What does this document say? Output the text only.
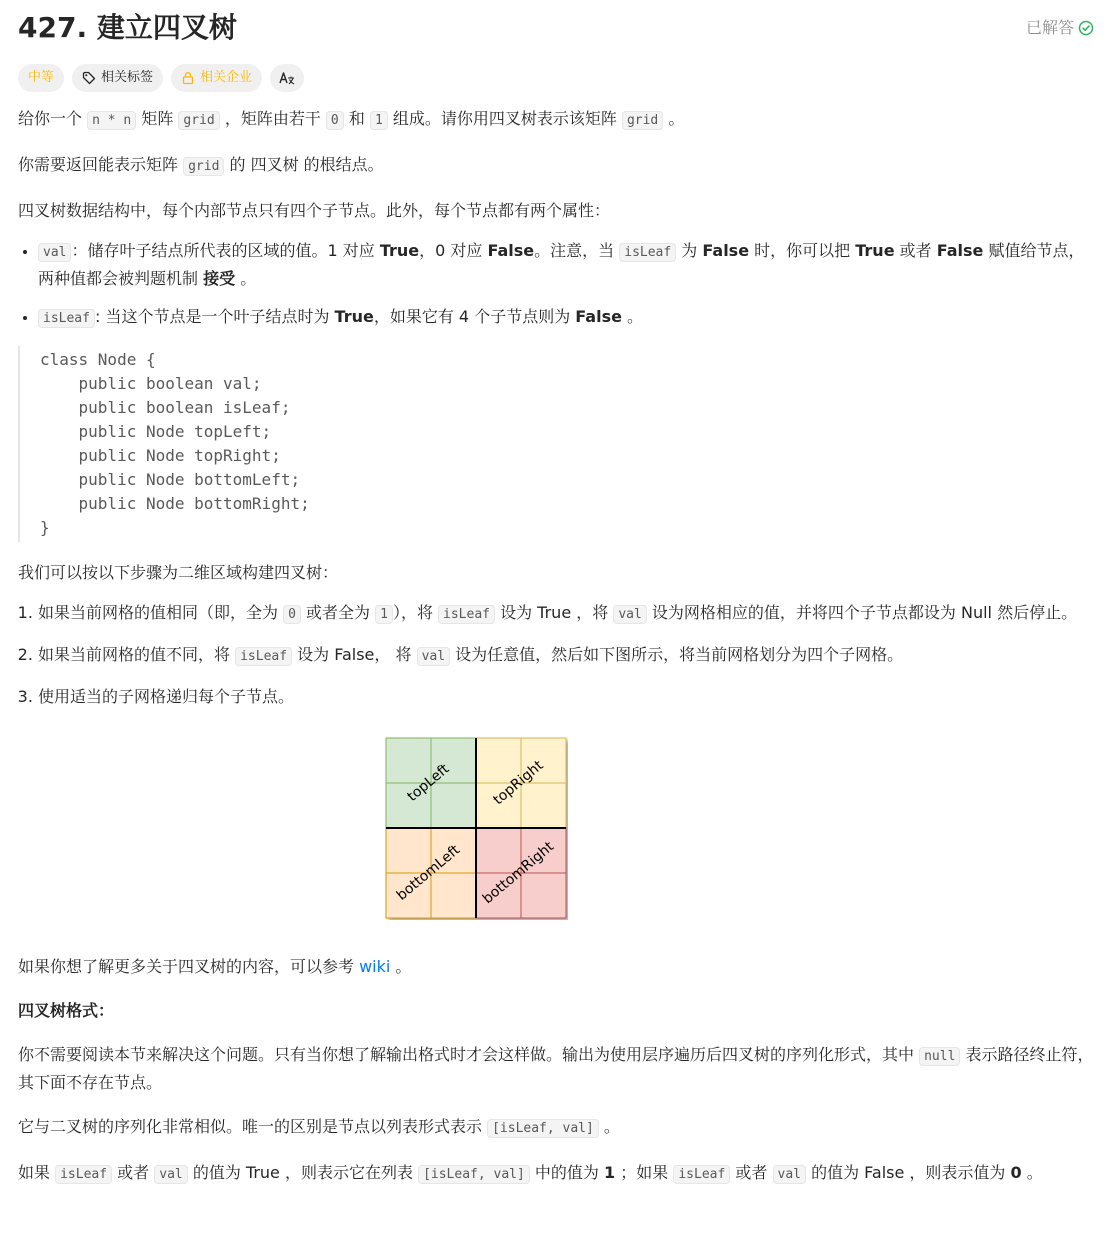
427. 建立四叉树	已解答
中等	相关标签	相关企业

给你一个 n * n 矩阵 grid ，矩阵由若干 0 和 1 组成。请你用四叉树表示该矩阵 grid 。

你需要返回能表示矩阵 grid 的 四叉树 的根结点。

四叉树数据结构中，每个内部节点只有四个子节点。此外，每个节点都有两个属性：

• val ：储存叶子结点所代表的区域的值。1 对应 True，0 对应 False。注意，当 isLeaf 为 False 时，你可以把 True 或者 False 赋值给节点，两种值都会被判题机制 接受 。
• isLeaf : 当这个节点是一个叶子结点时为 True，如果它有 4 个子节点则为 False 。
class Node {
public boolean val;
public boolean isLeaf;
public Node topLeft;
public Node topRight;
public Node bottomLeft;
public Node bottomRight;
}

我们可以按以下步骤为二维区域构建四叉树：

1. 如果当前网格的值相同（即，全为 0 或者全为 1 ），将 isLeaf 设为 True ，将 val 设为网格相应的值，并将四个子节点都设为 Null 然后停止。
2. 如果当前网格的值不同，将 isLeaf 设为 False， 将 val 设为任意值，然后如下图所示，将当前网格划分为四个子网格。
3. 使用适当的子网格递归每个子节点。
topLeft	topRight
bottomLeft bottomRight

如果你想了解更多关于四叉树的内容，可以参考 wiki 。

四叉树格式：

你不需要阅读本节来解决这个问题。只有当你想了解输出格式时才会这样做。输出为使用层序遍历后四叉树的序列化形式，其中 null 表示路径终止符，其下面不存在节点。

它与二叉树的序列化非常相似。唯一的区别是节点以列表形式表示 [isLeaf, val] 。

如果 isLeaf 或者 val 的值为 True ，则表示它在列表 [isLeaf, val] 中的值为 1 ；如果 isLeaf 或者 val 的值为 False ，则表示值为 0 。
